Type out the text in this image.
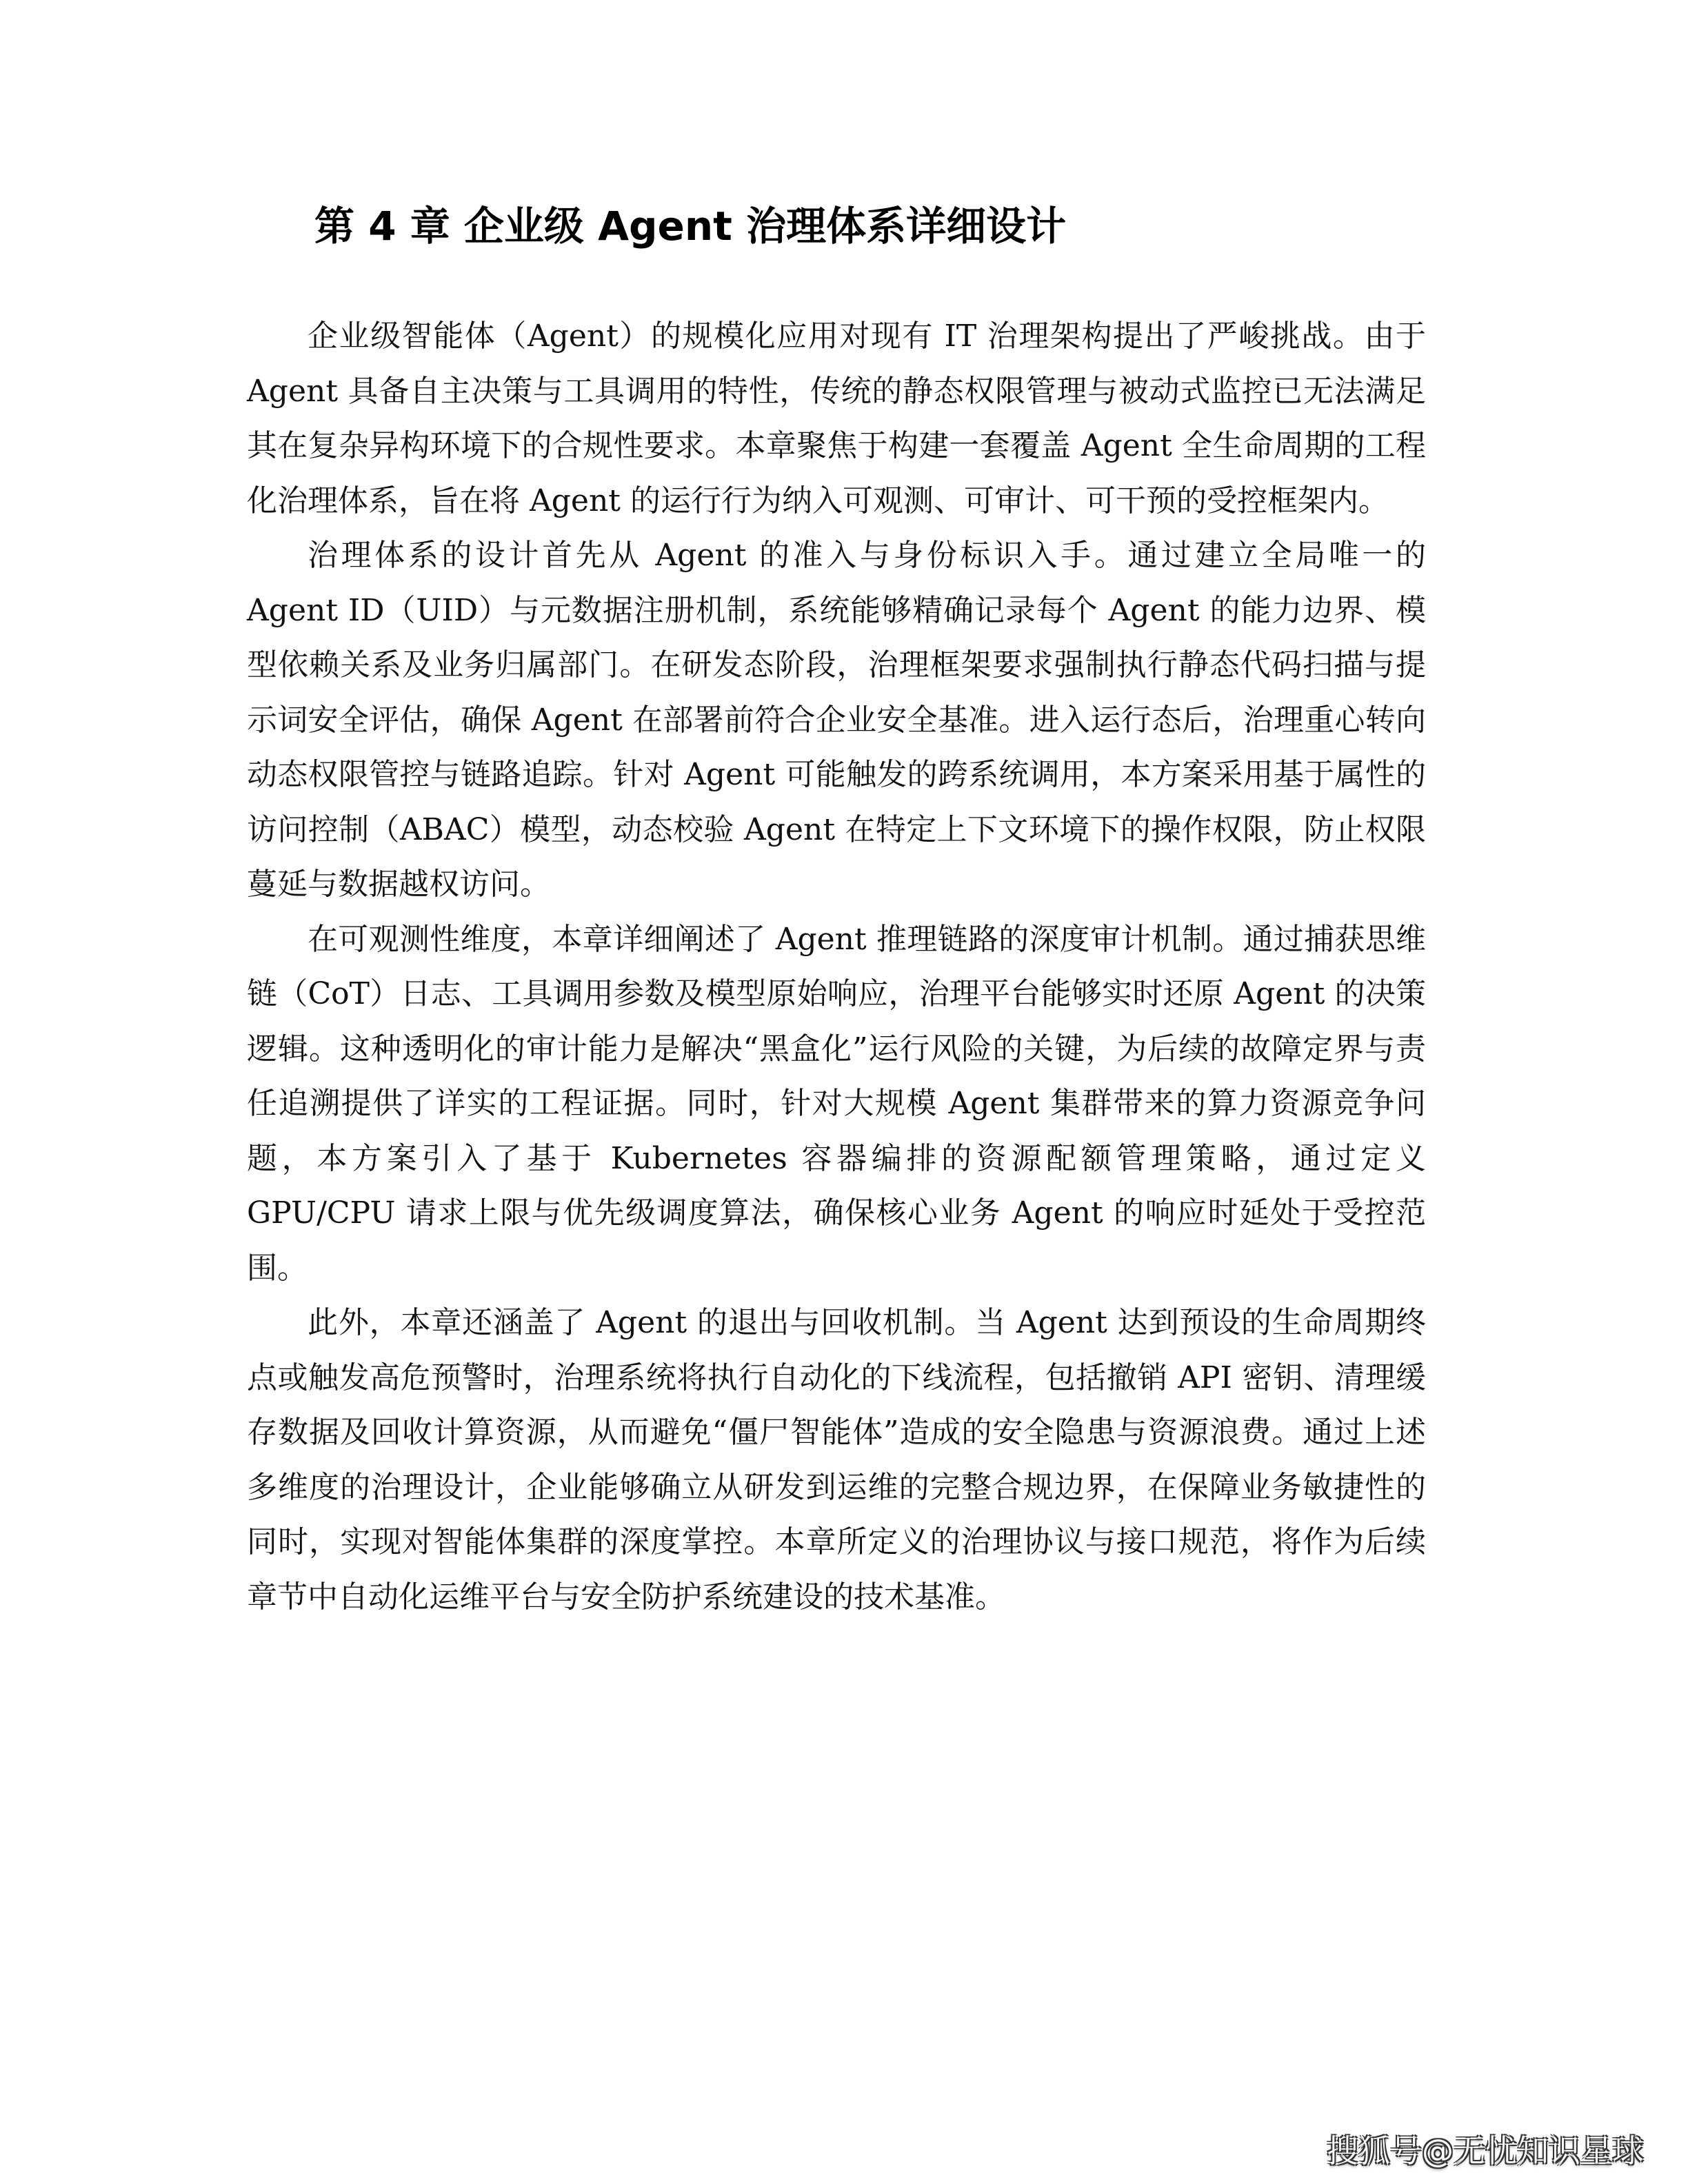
第 4 章 企业级 Agent 治理体系详细设计

企业级智能体（Agent）的规模化应用对现有 IT 治理架构提出了严峻挑战。由于 Agent 具备自主决策与工具调用的特性，传统的静态权限管理与被动式监控已无法满足其在复杂异构环境下的合规性要求。本章聚焦于构建一套覆盖 Agent 全生命周期的工程化治理体系，旨在将 Agent 的运行行为纳入可观测、可审计、可干预的受控框架内。

治理体系的设计首先从 Agent 的准入与身份标识入手。通过建立全局唯一的 Agent ID（UID）与元数据注册机制，系统能够精确记录每个 Agent 的能力边界、模型依赖关系及业务归属部门。在研发态阶段，治理框架要求强制执行静态代码扫描与提示词安全评估，确保 Agent 在部署前符合企业安全基准。进入运行态后，治理重心转向动态权限管控与链路追踪。针对 Agent 可能触发的跨系统调用，本方案采用基于属性的访问控制（ABAC）模型，动态校验 Agent 在特定上下文环境下的操作权限，防止权限蔓延与数据越权访问。

在可观测性维度，本章详细阐述了 Agent 推理链路的深度审计机制。通过捕获思维链（CoT）日志、工具调用参数及模型原始响应，治理平台能够实时还原 Agent 的决策逻辑。这种透明化的审计能力是解决“黑盒化”运行风险的关键，为后续的故障定界与责任追溯提供了详实的工程证据。同时，针对大规模 Agent 集群带来的算力资源竞争问题，本方案引入了基于 Kubernetes 容器编排的资源配额管理策略，通过定义 GPU/CPU 请求上限与优先级调度算法，确保核心业务 Agent 的响应时延处于受控范围。

此外，本章还涵盖了 Agent 的退出与回收机制。当 Agent 达到预设的生命周期终点或触发高危预警时，治理系统将执行自动化的下线流程，包括撤销 API 密钥、清理缓存数据及回收计算资源，从而避免“僵尸智能体”造成的安全隐患与资源浪费。通过上述多维度的治理设计，企业能够确立从研发到运维的完整合规边界，在保障业务敏捷性的同时，实现对智能体集群的深度掌控。本章所定义的治理协议与接口规范，将作为后续章节中自动化运维平台与安全防护系统建设的技术基准。

搜狐号@无忧知识星球
